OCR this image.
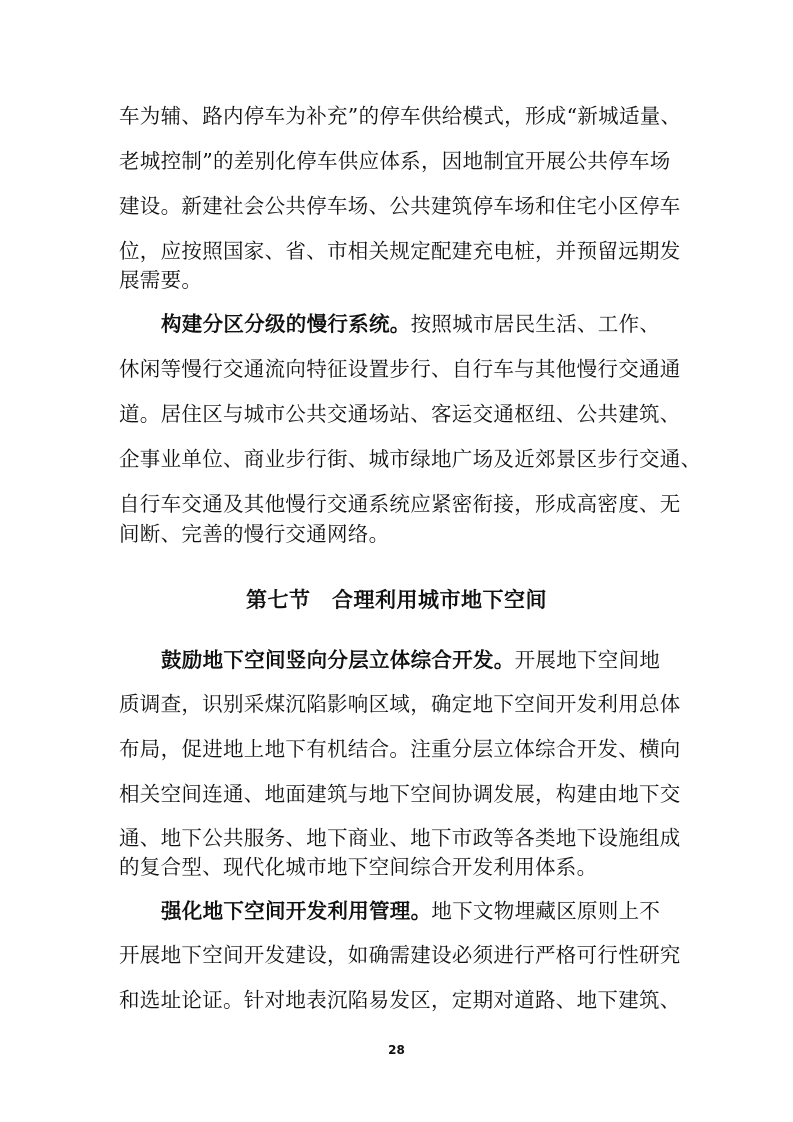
车为辅、路内停车为补充”的停车供给模式，形成“新城适量、
老城控制”的差别化停车供应体系，因地制宜开展公共停车场
建设。新建社会公共停车场、公共建筑停车场和住宅小区停车
位，应按照国家、省、市相关规定配建充电桩，并预留远期发
展需要。
构建分区分级的慢行系统。按照城市居民生活、工作、
休闲等慢行交通流向特征设置步行、自行车与其他慢行交通通
道。居住区与城市公共交通场站、客运交通枢纽、公共建筑、
企事业单位、商业步行街、城市绿地广场及近郊景区步行交通、
自行车交通及其他慢行交通系统应紧密衔接，形成高密度、无
间断、完善的慢行交通网络。
第七节　合理利用城市地下空间
鼓励地下空间竖向分层立体综合开发。开展地下空间地
质调查，识别采煤沉陷影响区域，确定地下空间开发利用总体
布局，促进地上地下有机结合。注重分层立体综合开发、横向
相关空间连通、地面建筑与地下空间协调发展，构建由地下交
通、地下公共服务、地下商业、地下市政等各类地下设施组成
的复合型、现代化城市地下空间综合开发利用体系。
强化地下空间开发利用管理。地下文物埋藏区原则上不
开展地下空间开发建设，如确需建设必须进行严格可行性研究
和选址论证。针对地表沉陷易发区，定期对道路、地下建筑、
28
